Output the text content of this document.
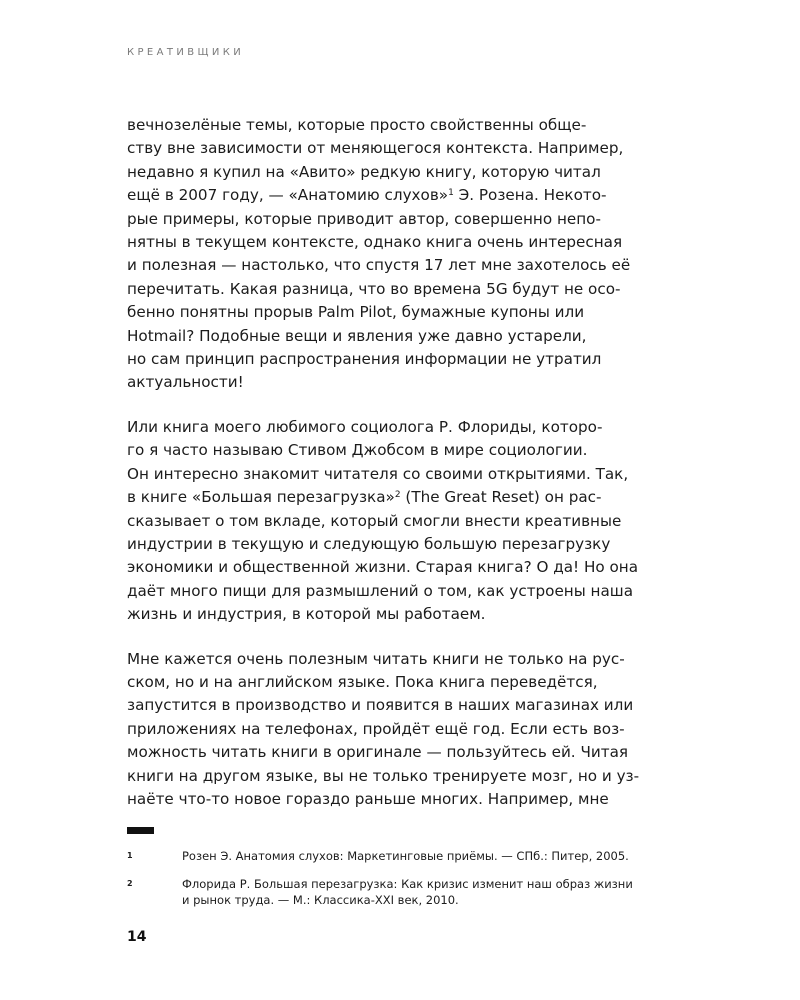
КРЕАТИВЩИКИ

вечнозелёные темы, которые просто свойственны обще-
ству вне зависимости от меняющегося контекста. Например,
недавно я купил на «Авито» редкую книгу, которую читал
ещё в 2007 году, — «Анатомию слухов»$^1$ Э. Розена. Некото-
рые примеры, которые приводит автор, совершенно непо-
нятны в текущем контексте, однако книга очень интересная
и полезная — настолько, что спустя 17 лет мне захотелось её
перечитать. Какая разница, что во времена 5G будут не осо-
бенно понятны прорыв Palm Pilot, бумажные купоны или
Hotmail? Подобные вещи и явления уже давно устарели,
но сам принцип распространения информации не утратил
актуальности!

Или книга моего любимого социолога Р. Флориды, которо-
го я часто называю Стивом Джобсом в мире социологии.
Он интересно знакомит читателя со своими открытиями. Так,
в книге «Большая перезагрузка»$^2$ (The Great Reset) он рас-
сказывает о том вкладе, который смогли внести креативные
индустрии в текущую и следующую большую перезагрузку
экономики и общественной жизни. Старая книга? О да! Но она
даёт много пищи для размышлений о том, как устроены наша
жизнь и индустрия, в которой мы работаем.

Мне кажется очень полезным читать книги не только на рус-
ском, но и на английском языке. Пока книга переведётся,
запустится в производство и появится в наших магазинах или
приложениях на телефонах, пройдёт ещё год. Если есть воз-
можность читать книги в оригинале — пользуйтесь ей. Читая
книги на другом языке, вы не только тренируете мозг, но и уз-
наёте что-то новое гораздо раньше многих. Например, мне

1	Розен Э. Анатомия слухов: Маркетинговые приёмы. — СПб.: Питер, 2005.
2	Флорида Р. Большая перезагрузка: Как кризис изменит наш образ жизни
и рынок труда. — М.: Классика-XXI век, 2010.
14
